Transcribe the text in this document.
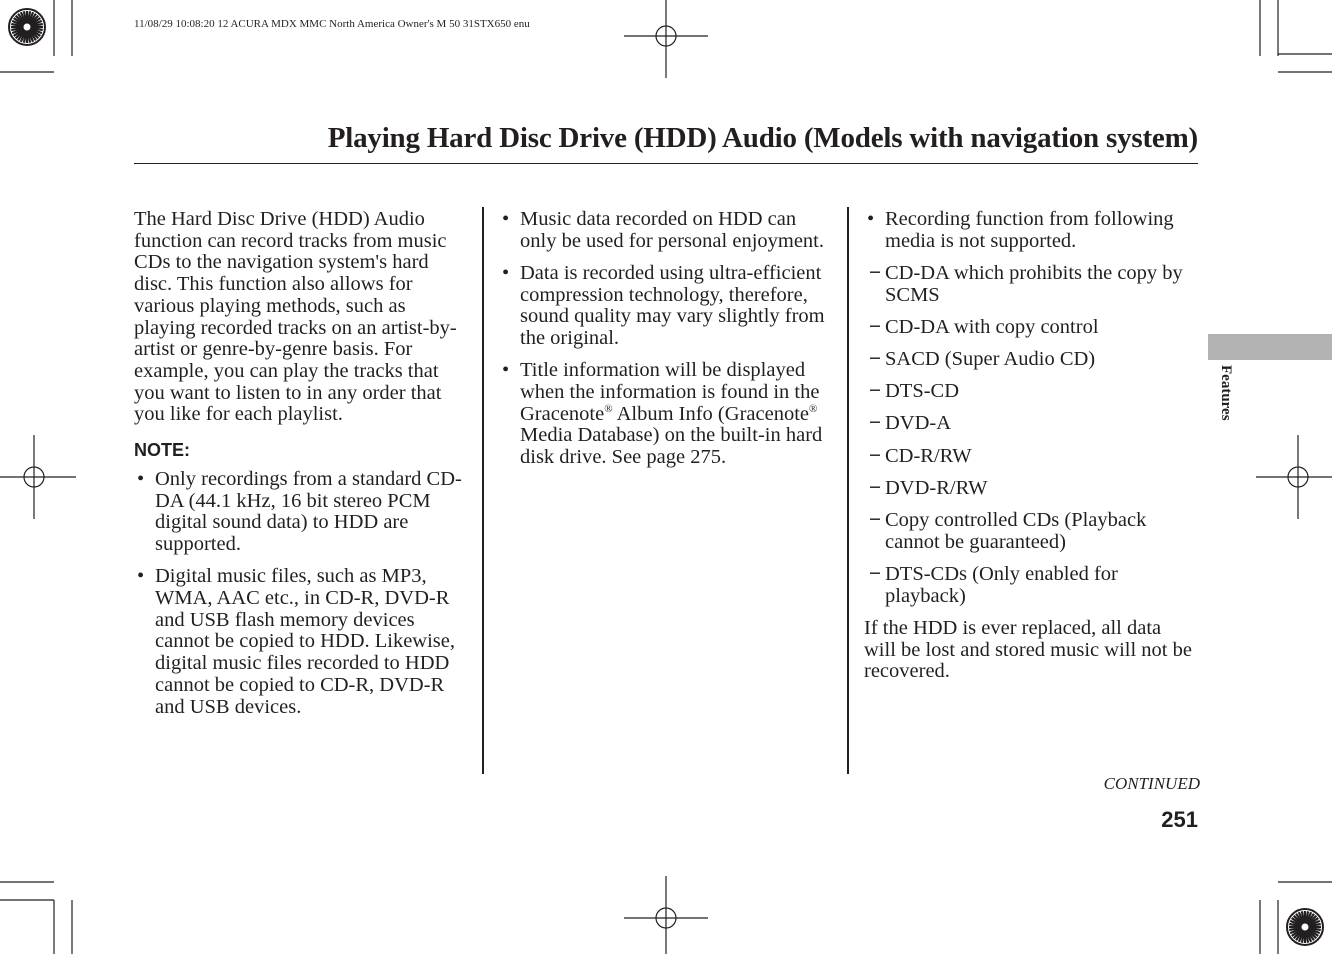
11/08/29 10:08:20 12 ACURA MDX MMC North America Owner's M 50 31STX650 enu
Playing Hard Disc Drive (HDD) Audio (Models with navigation system)

The Hard Disc Drive (HDD) Audio function can record tracks from music CDs to the navigation system's hard disc. This function also allows for various playing methods, such as playing recorded tracks on an artist-by-artist or genre-by-genre basis. For example, you can play the tracks that you want to listen to in any order that you like for each playlist.

NOTE:
• Only recordings from a standard CD-DA (44.1 kHz, 16 bit stereo PCM digital sound data) to HDD are supported.
• Digital music files, such as MP3, WMA, AAC etc., in CD-R, DVD-R and USB flash memory devices cannot be copied to HDD. Likewise, digital music files recorded to HDD cannot be copied to CD-R, DVD-R and USB devices.
• Music data recorded on HDD can only be used for personal enjoyment.
• Data is recorded using ultra-efficient compression technology, therefore, sound quality may vary slightly from the original.
• Title information will be displayed when the information is found in the Gracenote® Album Info (Gracenote® Media Database) on the built-in hard disk drive. See page 275.
• Recording function from following media is not supported.
− CD-DA which prohibits the copy by SCMS
− CD-DA with copy control
− SACD (Super Audio CD)
− DTS-CD
− DVD-A
− CD-R/RW
− DVD-R/RW
− Copy controlled CDs (Playback cannot be guaranteed)
− DTS-CDs (Only enabled for playback)

If the HDD is ever replaced, all data will be lost and stored music will not be recovered.

Features
CONTINUED
251
